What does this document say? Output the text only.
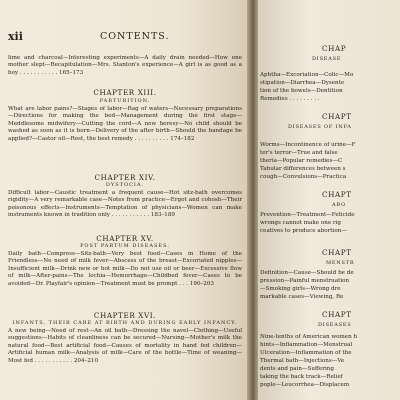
xii	CONTENTS.
lime and charcoal—Interesting experiments—A daily drain needed—How one mother slept—Recapitulation—Mrs. Stanton's experience—A girl is as good as a boy . . . . . . . . . . . 165–173
CHAPTER XIII.
PARTURITION.
What are labor pains?—Stages of labor—Bag of waters—Necessary preparations—Directions for making the bed—Management during the first stage—Meddlesome midwifery—Cutting the cord—A new heresy—No child should be washed as soon as it is born—Delivery of the after birth—Should the bandage be applied?—Castor oil—Rest, the best remedy . . . . . . . . . . 174–182
CHAPTER XIV.
DYSTOCIA.
Difficult labor—Caustic treatment a frequent cause—Hot sitz-bath overcomes rigidity—A very remarkable case—Notes from practice—Ergot and cohosh—Their poisonous effects—Instruments—Temptation of physicians—Women can make instruments known in tradition only . . . . . . . . . . . 183–189
CHAPTER XV.
POST PARTUM DISEASES.
Daily bath—Compress—Sitz-bath—Very best food—Cases in Home of the Friendless—No need of milk fever—Abscess of the breast—Excoriated nipples—Insufficient milk—Drink new or hot milk—Do not use oil or beer—Excessive flow of milk—After-pains—The lochia—Hemorrhage—Childbed fever—Cases to be avoided—Dr. Playfair's opinion—Treatment must be prompt . . . 190–203
CHAPTER XVI.
INFANTS, THEIR CARE AT BIRTH AND DURING EARLY INFANCY.
A new being—Need of rest—An oil bath—Dressing the navel—Clothing—Useful suggestions—Habits of cleanliness can be secured—Nursing—Mother's milk the natural food—Best artificial food—Causes of mortality in hand fed children—Artificial human milk—Analysis of milk—Care of the bottle—Time of weaning—Most fed . . . . . . . . . . . 204–210
CHAP
DISEASE
Aphtha—Excoriation—Colic—Mo
stipation—Diarrhea—Dysente
tion of the bowels—Dentition
Remedies . . . . . . . . .
CHAPT
DISEASES OF INFA
Worms—Incontinence of urine—F
ter's terror—True and false
theria—Popular remedies—C
Tabular differences between s
cough—Convulsions—Practica
CHAPT
ABO
Prevention—Treatment—Feticide
wrongs cannot make one rig
ceatives to produce abortion—
CHAPT
MENSTR
Definition—Cause—Should be de
pression—Painful menstruation
—Smoking girls—Wrong dre
markable cases—Viewing, Re
CHAPT
DISEASES
Nine-tenths of American women h
hints—Inflammation—Menstrual
Ulceration—Inflammation of the
Thermal bath—Injections—Ve
dents and pain—Suffering
taking the back track—Relief
pople—Leucorrhea—Displacem
